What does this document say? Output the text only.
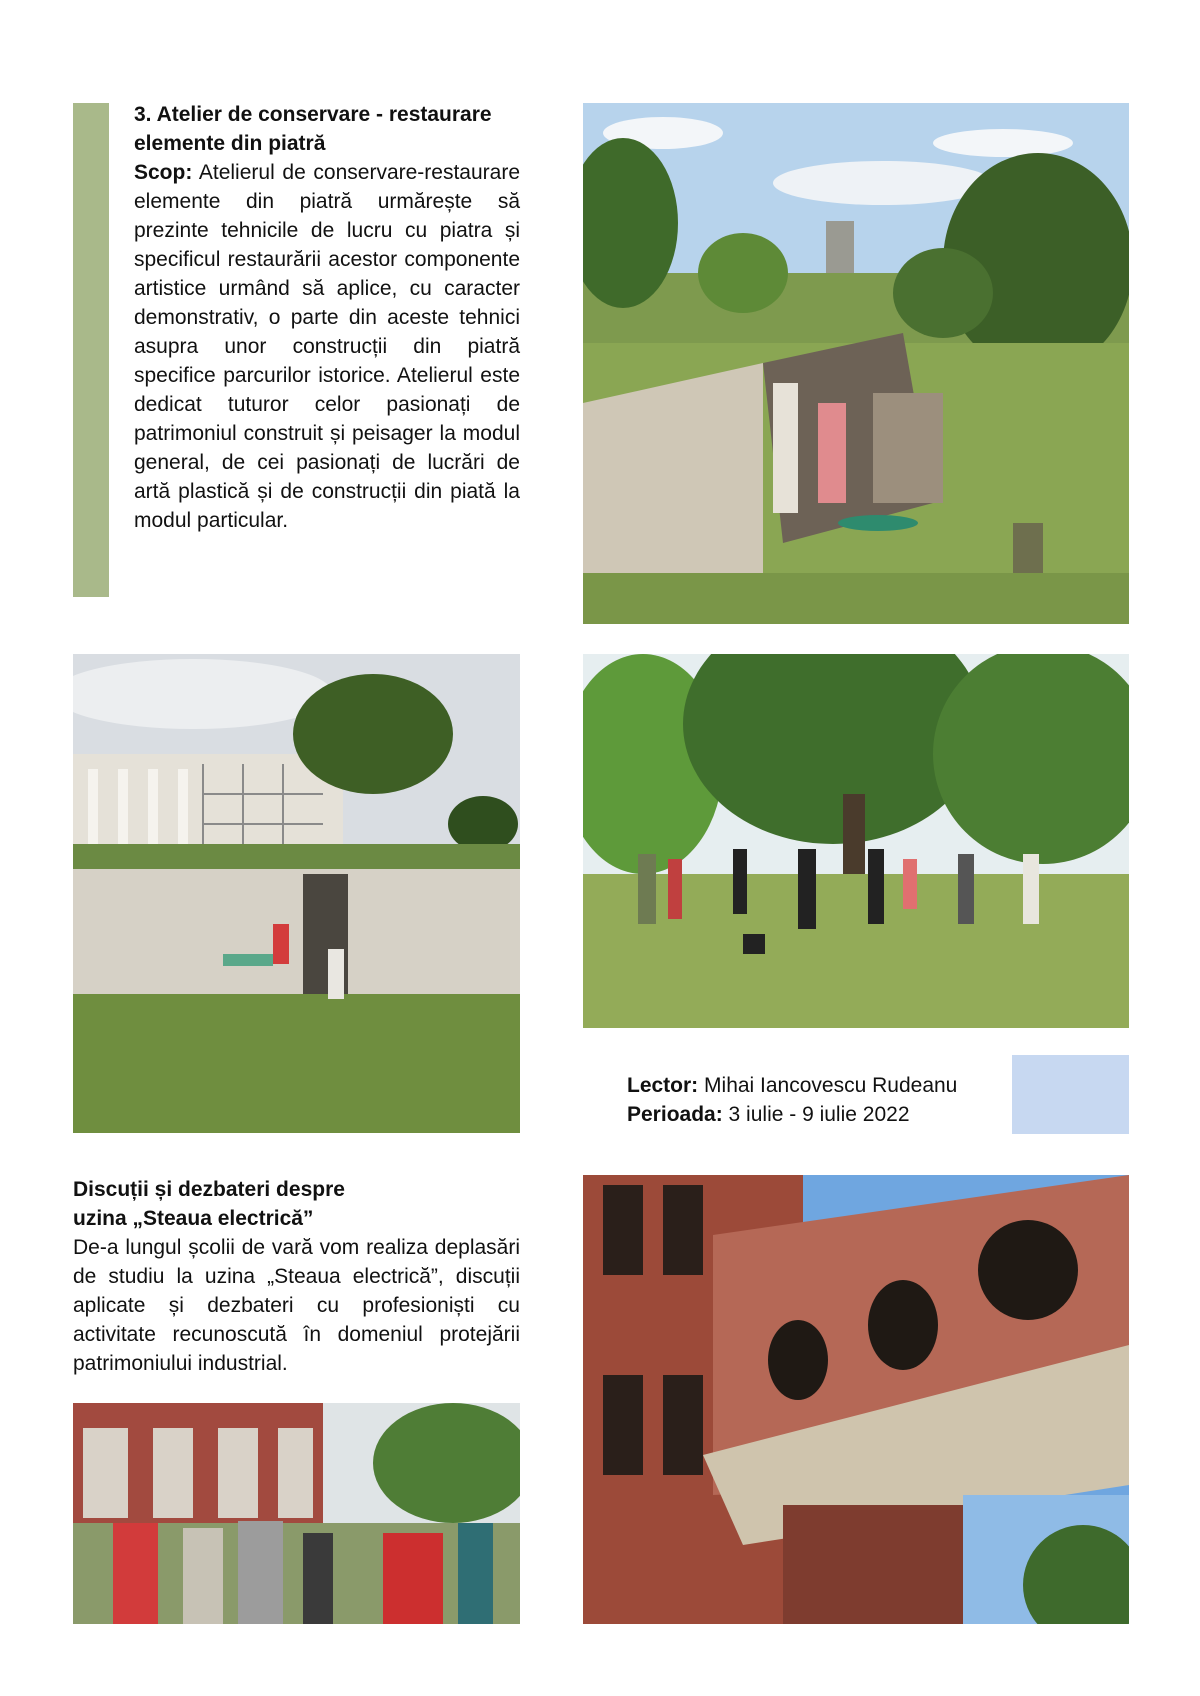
3. Atelier de conservare - restaurare elemente din piatră

Scop: Atelierul de conservare-restaurare elemente din piatră urmărește să prezinte tehnicile de lucru cu piatra și specificul restaurării acestor componente artistice urmând să aplice, cu caracter demonstrativ, o parte din aceste tehnici asupra unor construcții din piatră specifice parcurilor istorice. Atelierul este dedicat tuturor celor pasionați de patrimoniul construit și peisager la modul general, de cei pasionați de lucrări de artă plastică și de construcții din piată la modul particular.

Lector: Mihai Iancovescu Rudeanu
Perioada: 3 iulie - 9 iulie 2022

Discuții și dezbateri despre

uzina „Steaua electrică”

De-a lungul școlii de vară vom realiza deplasări de studiu la uzina „Steaua electrică”, discuții aplicate și dezbateri cu profesioniști cu activitate recunoscută în domeniul protejării patrimoniului industrial.
